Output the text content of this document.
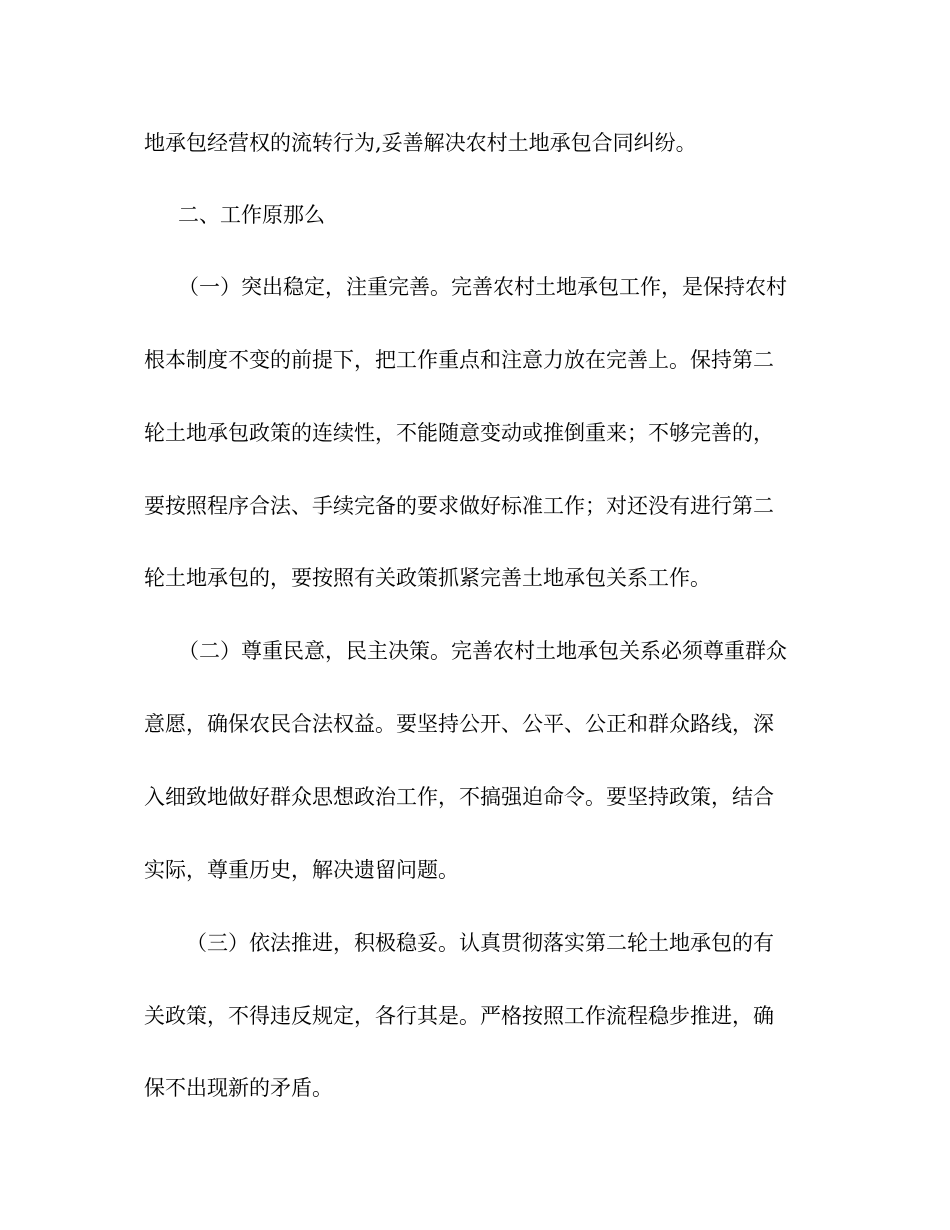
地承包经营权的流转行为,妥善解决农村土地承包合同纠纷。

二、工作原那么

（一）突出稳定，注重完善。完善农村土地承包工作，是保持农村

根本制度不变的前提下，把工作重点和注意力放在完善上。保持第二

轮土地承包政策的连续性，不能随意变动或推倒重来；不够完善的，

要按照程序合法、手续完备的要求做好标准工作；对还没有进行第二

轮土地承包的，要按照有关政策抓紧完善土地承包关系工作。

（二）尊重民意，民主决策。完善农村土地承包关系必须尊重群众

意愿，确保农民合法权益。要坚持公开、公平、公正和群众路线，深

入细致地做好群众思想政治工作，不搞强迫命令。要坚持政策，结合

实际，尊重历史，解决遗留问题。

（三）依法推进，积极稳妥。认真贯彻落实第二轮土地承包的有

关政策，不得违反规定，各行其是。严格按照工作流程稳步推进，确

保不出现新的矛盾。
